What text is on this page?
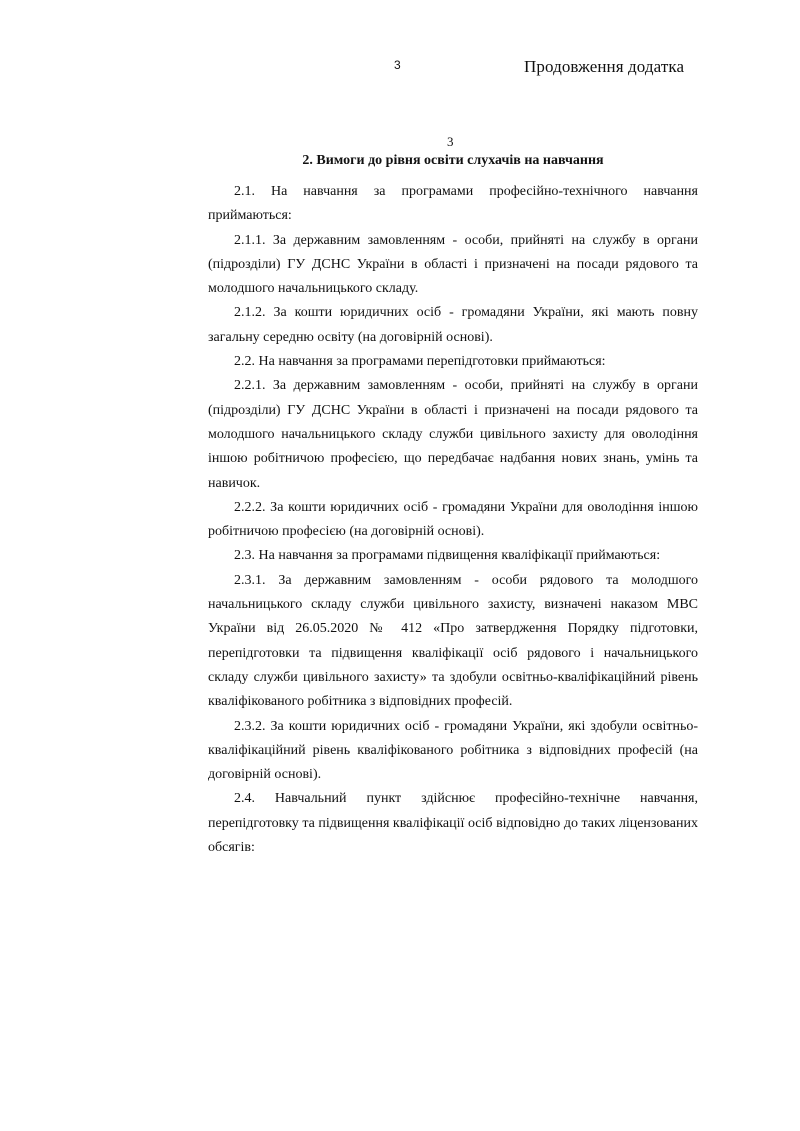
3	Продовження додатка
3
2. Вимоги до рівня освіти слухачів на навчання

2.1. На навчання за програмами професійно-технічного навчання приймаються:

2.1.1. За державним замовленням - особи, прийняті на службу в органи (підрозділи) ГУ ДСНС України в області і призначені на посади рядового та молодшого начальницького складу.

2.1.2. За кошти юридичних осіб - громадяни України, які мають повну загальну середню освіту (на договірній основі).

2.2. На навчання за програмами перепідготовки приймаються:

2.2.1. За державним замовленням - особи, прийняті на службу в органи (підрозділи) ГУ ДСНС України в області і призначені на посади рядового та молодшого начальницького складу служби цивільного захисту для оволодіння іншою робітничою професією, що передбачає надбання нових знань, умінь та навичок.

2.2.2. За кошти юридичних осіб - громадяни України для оволодіння іншою робітничою професією (на договірній основі).

2.3. На навчання за програмами підвищення кваліфікації приймаються:

2.3.1. За державним замовленням - особи рядового та молодшого начальницького складу служби цивільного захисту, визначені наказом МВС України від 26.05.2020 № 412 «Про затвердження Порядку підготовки, перепідготовки та підвищення кваліфікації осіб рядового і начальницького складу служби цивільного захисту» та здобули освітньо-кваліфікаційний рівень кваліфікованого робітника з відповідних професій.

2.3.2. За кошти юридичних осіб - громадяни України, які здобули освітньо-кваліфікаційний рівень кваліфікованого робітника з відповідних професій (на договірній основі).

2.4. Навчальний пункт здійснює професійно-технічне навчання, перепідготовку та підвищення кваліфікації осіб відповідно до таких ліцензованих обсягів:
